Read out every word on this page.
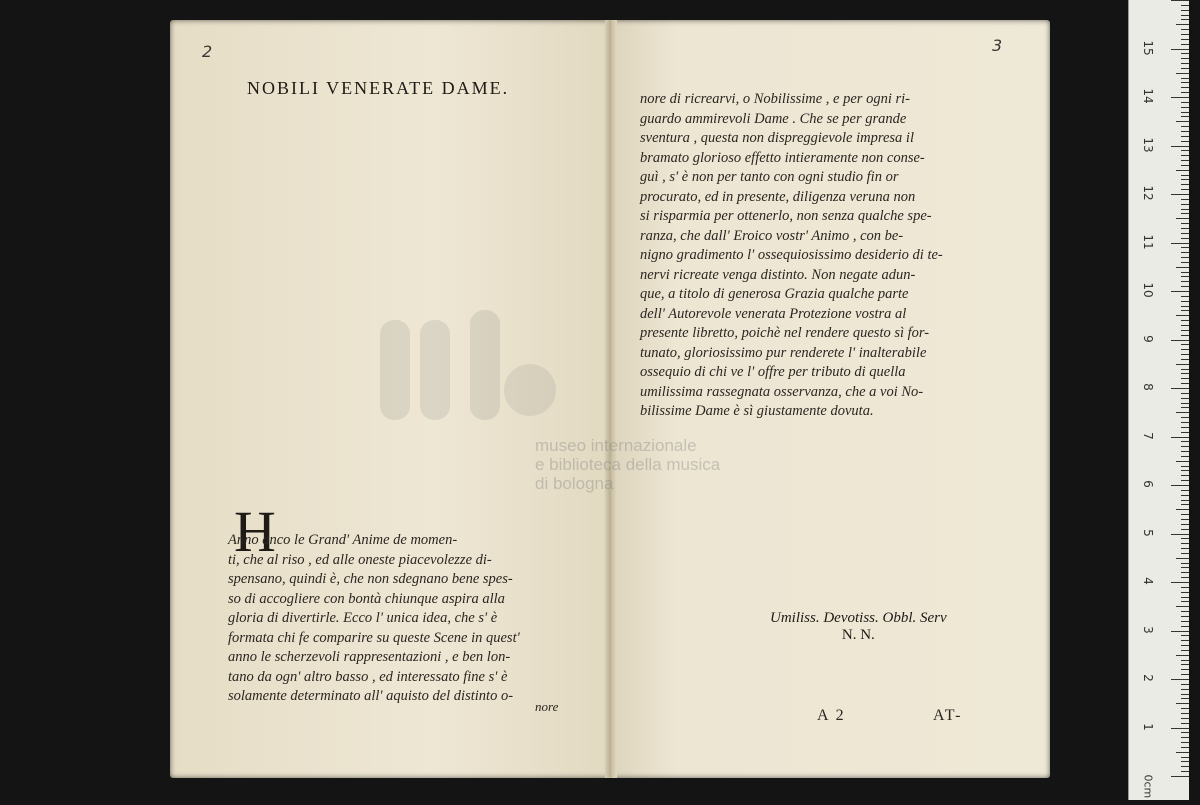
2
NOBILI VENERATE DAME.
H
Anno anco le Grand' Anime de momen-
ti, che al riso , ed alle oneste piacevolezze di-
spensano, quindi è, che non sdegnano bene spes-
so di accogliere con bontà chiunque aspira alla
gloria di divertirle. Ecco l' unica idea, che s' è
formata chi fe comparire su queste Scene in quest'
anno le scherzevoli rappresentazioni , e ben lon-
tano da ogn' altro basso , ed interessato fine s' è
solamente determinato all' aquisto del distinto o-
nore
3
nore di ricrearvi, o Nobilissime , e per ogni ri-
guardo ammirevoli Dame . Che se per grande
sventura , questa non dispreggievole impresa il
bramato glorioso effetto intieramente non conse-
guì , s' è non per tanto con ogni studio fin or
procurato, ed in presente, diligenza veruna non
si risparmia per ottenerlo, non senza qualche spe-
ranza, che dall' Eroico vostr' Animo , con be-
nigno gradimento l' ossequiosissimo desiderio di te-
nervi ricreate venga distinto. Non negate adun-
que, a titolo di generosa Grazia qualche parte
dell' Autorevole venerata Protezione vostra al
presente libretto, poichè nel rendere questo sì for-
tunato, gloriosissimo pur renderete l' inalterabile
ossequio di chi ve l' offre per tributo di quella
umilissima rassegnata osservanza, che a voi No-
bilissime Dame è sì giustamente dovuta.
Umiliss. Devotiss. Obbl. Serv
N. N.
A 2	AT-
museo internazionale
e biblioteca della musica
di bologna
0cm
1
2
3
4
5
6
7
8
9
10
11
12
13
14
15
